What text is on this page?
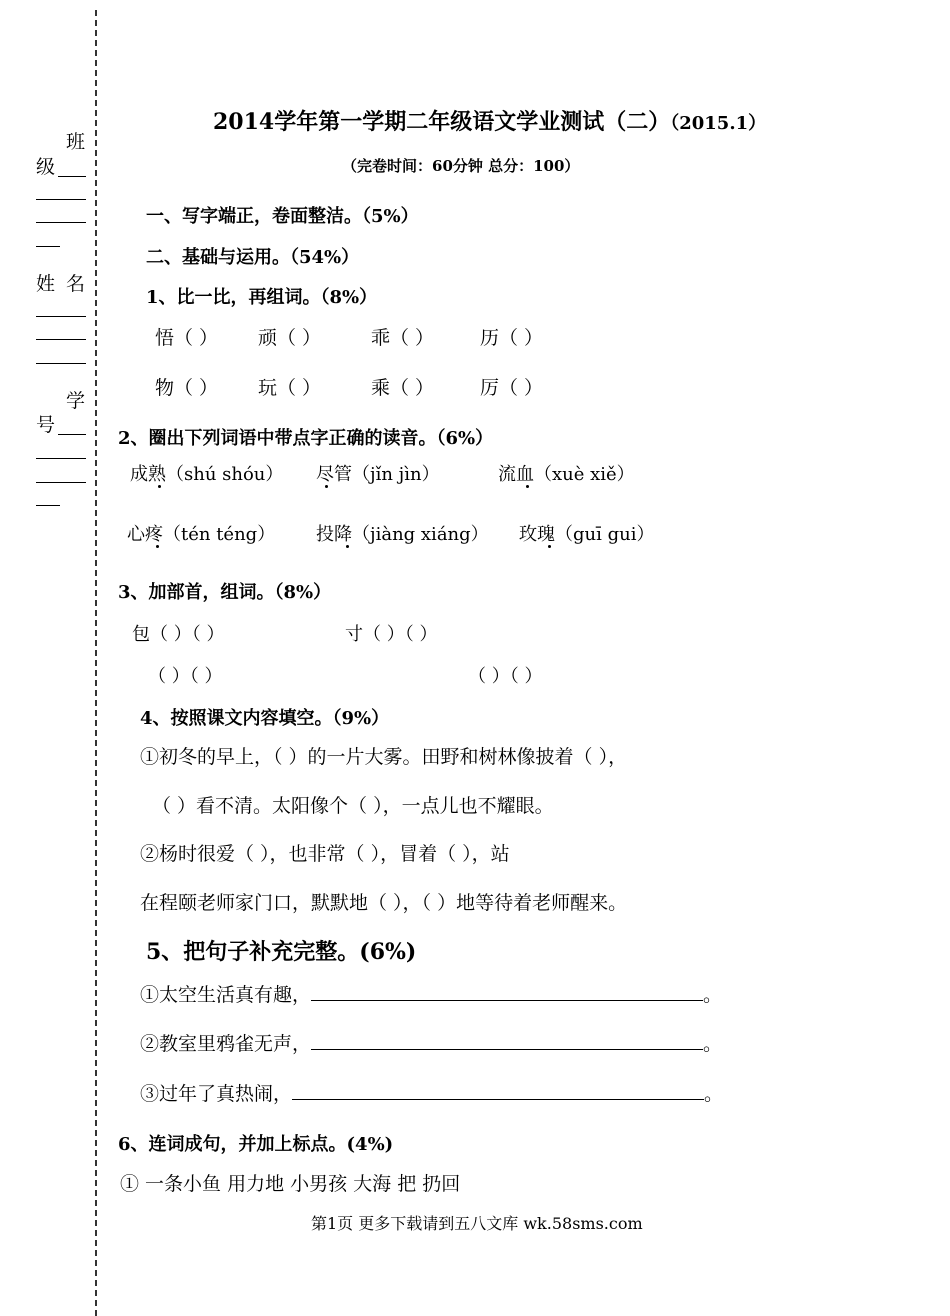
班
级
姓名
学
号
2014学年第一学期二年级语文学业测试（二）（2015.1）
（完卷时间：60分钟 总分：100）
一、写字端正，卷面整洁。（5%）
二、基础与运用。（54%）
1、比一比，再组词。（8%）
悟（ ） 顽（ ）	乖（ ） 历（ ）
物（ ） 玩（ ）	乘（ ） 厉（ ）
2、圈出下列词语中带点字正确的读音。（6%）
成熟（shú shóu） 尽管（jǐn jìn）	流血（xuè xiě）
心疼（tén téng） 投降（jiàng xiáng） 玫瑰（guī gui）
3、加部首，组词。（8%）
包（ ）（ ）	寸（ ）（ ）
（ ）（ ）	（ ）（ ）
4、按照课文内容填空。（9%）
①初冬的早上，（ ）的一片大雾。田野和树林像披着（ ），
（ ）看不清。太阳像个（ ），一点儿也不耀眼。
②杨时很爱（ ），也非常（ ），冒着（ ），站
在程颐老师家门口，默默地（ ），（ ）地等待着老师醒来。
5、把句子补充完整。(6%)
①太空生活真有趣，	。
②教室里鸦雀无声，	。
③过年了真热闹，	。
6、连词成句，并加上标点。(4%)
① 一条小鱼 用力地 小男孩 大海 把 扔回
第1页 更多下载请到五八文库 wk.58sms.com
